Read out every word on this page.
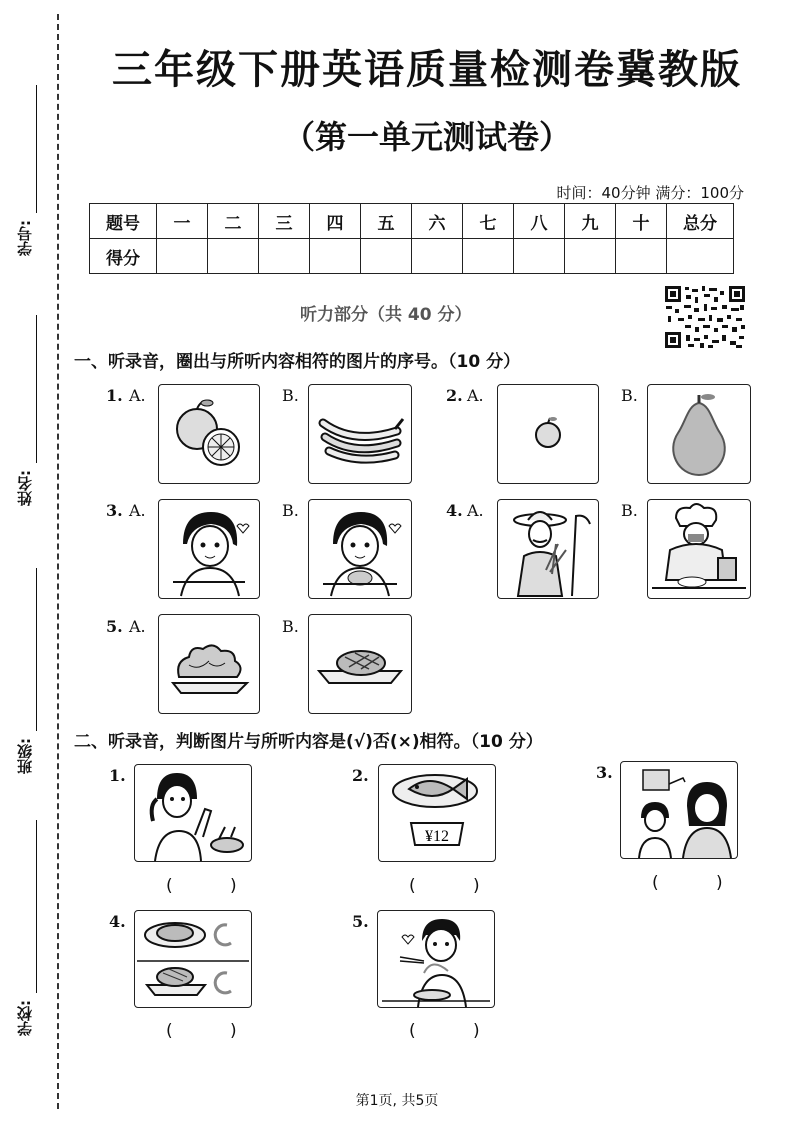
学号:
姓名:
班级:
学校:
三年级下册英语质量检测卷冀教版
（第一单元测试卷）
时间：40分钟 满分：100分
题号	一	二	三	四	五	六	七	八	九	十	总分
得分											
听力部分（共 40 分）
一、听录音，圈出与所听内容相符的图片的序号。（10 分）
1. A.	B.	2. A.	B.
3. A.	B.	4. A.	B.
5. A.	B.
二、听录音，判断图片与所听内容是(√)否(×)相符。（10 分）
1.
( )
2.
¥12
( )
3.
( )
4.
( )
5.
( )
第1页, 共5页
